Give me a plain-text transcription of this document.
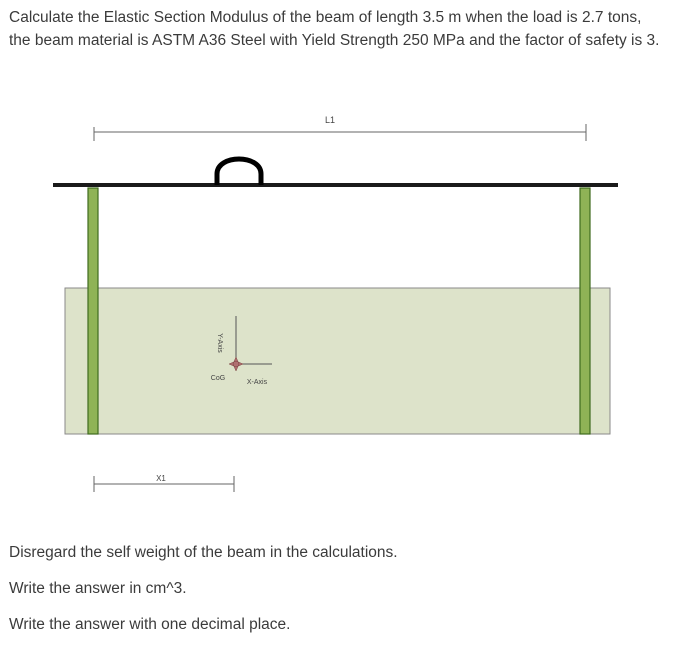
Calculate the Elastic Section Modulus of the beam of length 3.5 m when the load is 2.7 tons, the beam material is ASTM A36 Steel with Yield Strength 250 MPa and the factor of safety is 3.

L1
Y-Axis
X-Axis
CoG
X1

Disregard the self weight of the beam in the calculations.

Write the answer in cm^3.

Write the answer with one decimal place.
